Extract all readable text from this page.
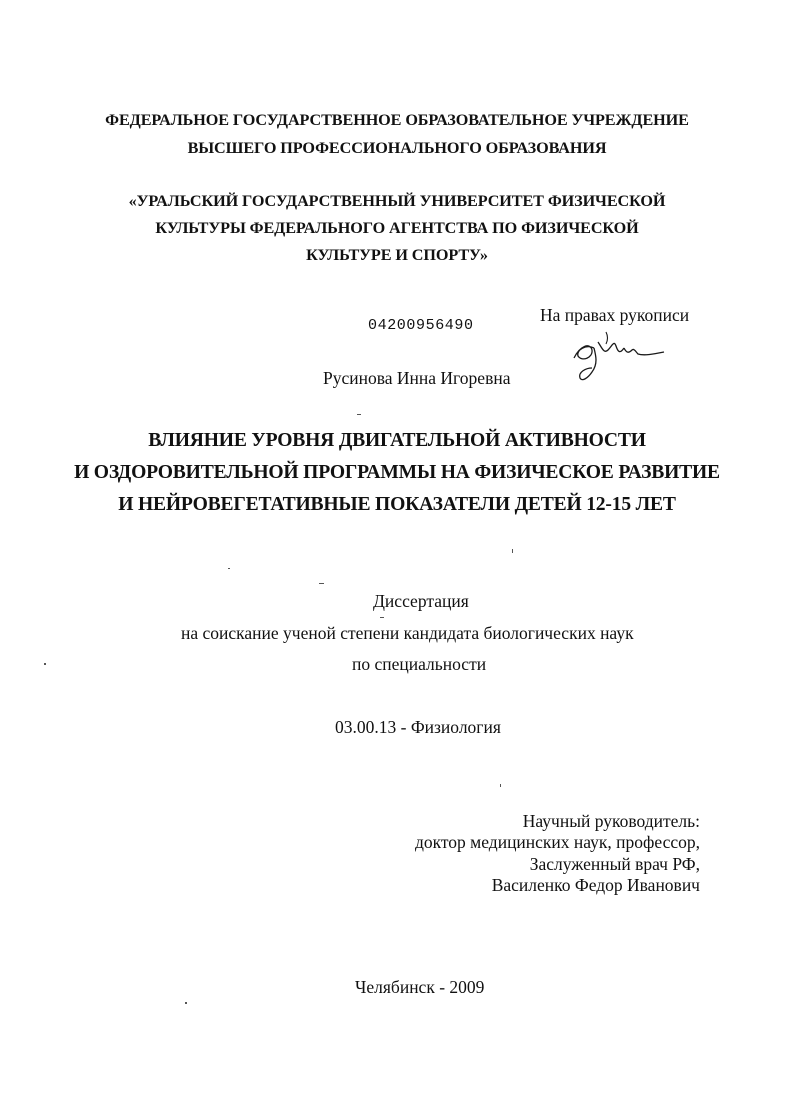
ФЕДЕРАЛЬНОЕ ГОСУДАРСТВЕННОЕ ОБРАЗОВАТЕЛЬНОЕ УЧРЕЖДЕНИЕ
ВЫСШЕГО ПРОФЕССИОНАЛЬНОГО ОБРАЗОВАНИЯ
«УРАЛЬСКИЙ ГОСУДАРСТВЕННЫЙ УНИВЕРСИТЕТ ФИЗИЧЕСКОЙ
КУЛЬТУРЫ ФЕДЕРАЛЬНОГО АГЕНТСТВА ПО ФИЗИЧЕСКОЙ
КУЛЬТУРЕ И СПОРТУ»
04200956490
На правах рукописи
Русинова Инна Игоревна
ВЛИЯНИЕ УРОВНЯ ДВИГАТЕЛЬНОЙ АКТИВНОСТИ
И ОЗДОРОВИТЕЛЬНОЙ ПРОГРАММЫ НА ФИЗИЧЕСКОЕ РАЗВИТИЕ
И НЕЙРОВЕГЕТАТИВНЫЕ ПОКАЗАТЕЛИ ДЕТЕЙ 12-15 ЛЕТ
Диссертация
на соискание ученой степени кандидата биологических наук
по специальности
03.00.13 - Физиология
Научный руководитель:
доктор медицинских наук, профессор,
Заслуженный врач РФ,
Василенко Федор Иванович
Челябинск - 2009
